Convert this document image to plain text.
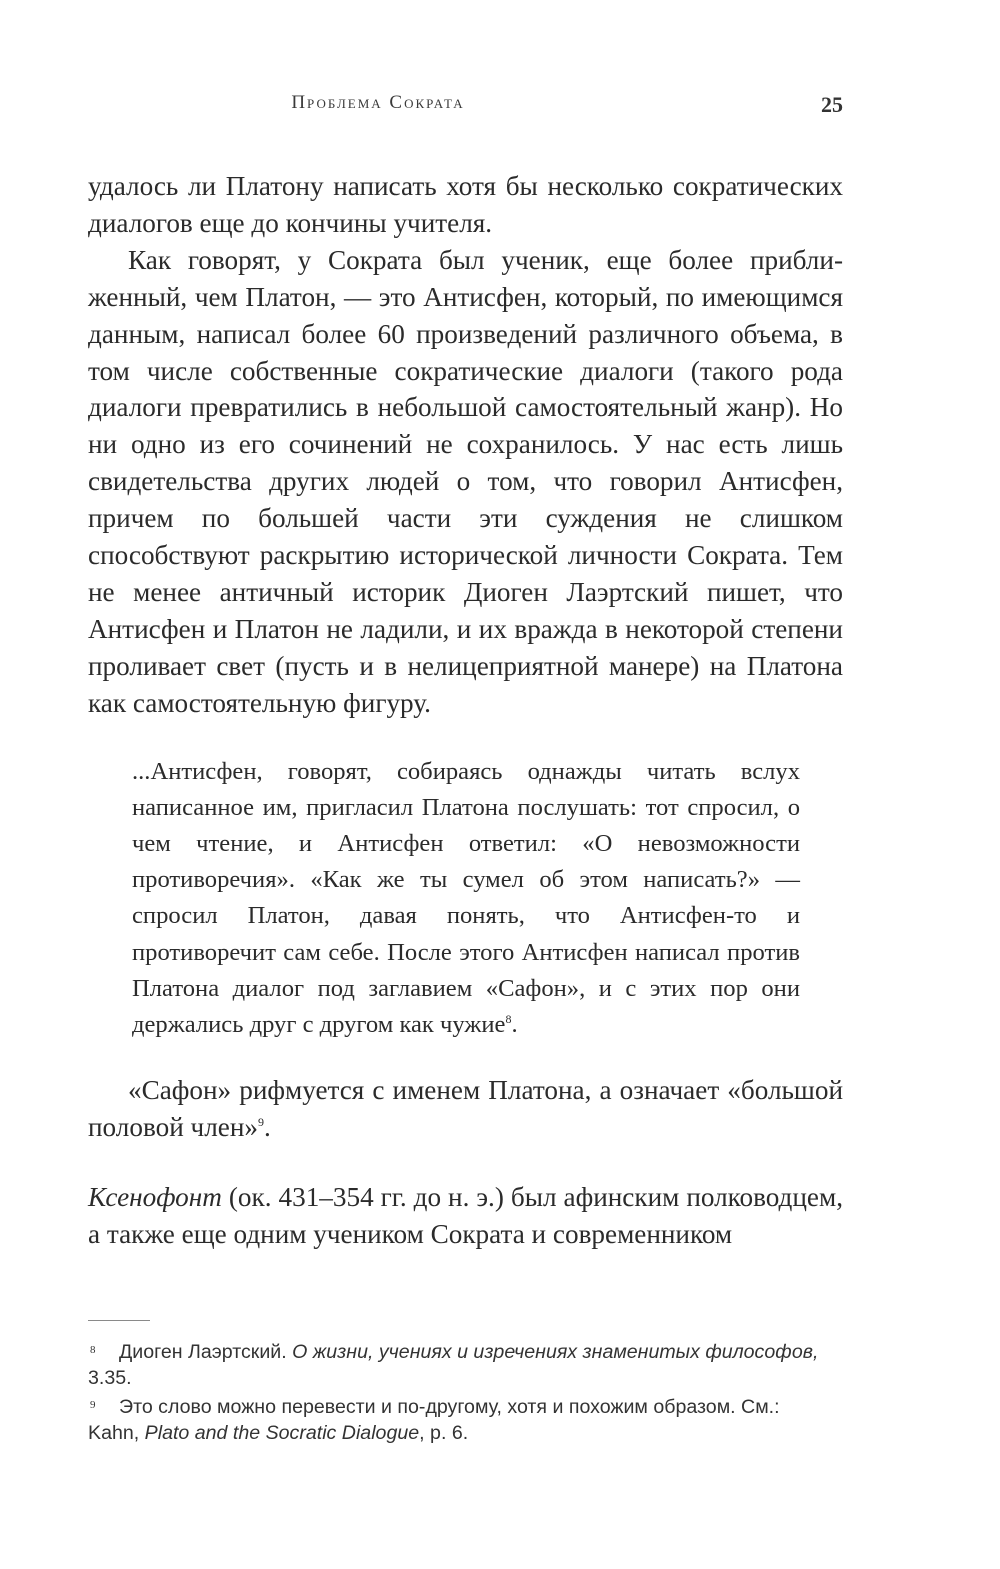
Проблема Сократа	25

удалось ли Платону написать хотя бы несколько сократических диалогов еще до кончины учителя.

Как говорят, у Сократа был ученик, еще более приближенный, чем Платон, — это Антисфен, который, по имеющимся данным, написал более 60 произведений различного объема, в том числе собственные сократические диалоги (такого рода диалоги превратились в небольшой самостоятельный жанр). Но ни одно из его сочинений не сохранилось. У нас есть лишь свидетельства других людей о том, что говорил Антисфен, причем по большей части эти суждения не слишком способствуют раскрытию исторической личности Сократа. Тем не менее античный историк Диоген Лаэртский пишет, что Антисфен и Платон не ладили, и их вражда в некоторой степени проливает свет (пусть и в нелицеприятной манере) на Платона как самостоятельную фигуру.

...Антисфен, говорят, собираясь однажды читать вслух написанное им, пригласил Платона послушать: тот спросил, о чем чтение, и Антисфен ответил: «О невозможности противоречия». «Как же ты сумел об этом написать?» — спросил Платон, давая понять, что Антисфен-то и противоречит сам себе. После этого Антисфен написал против Платона диалог под заглавием «Сафон», и с этих пор они держались друг с другом как чужие$^8$.

«Сафон» рифмуется с именем Платона, а означает «большой половой член»$^9$.

Ксенофонт (ок. 431–354 гг. до н. э.) был афинским полководцем, а также еще одним учеником Сократа и современником

8	Диоген Лаэртский. О жизни, учениях и изречениях знаменитых философов,
3.35.
9	Это слово можно перевести и по-другому, хотя и похожим образом. См.:
Kahn, Plato and the Socratic Dialogue, p. 6.
